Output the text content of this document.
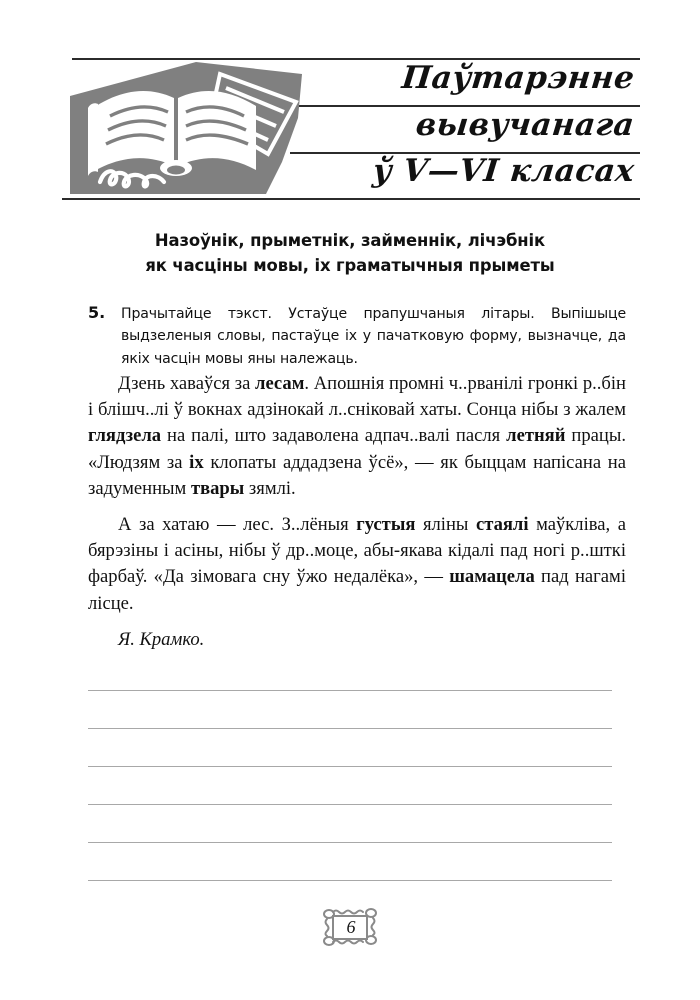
Паўтарэнне
вывучанага
ў V—VI класах
Назоўнік, прыметнік, займеннік, лічэбнік
як часціны мовы, іх граматычныя прыметы
5. Прачытайце тэкст. Устаўце прапушчаныя літары. Выпішыце выдзеленыя словы, пастаўце іх у пачатковую форму, вызначце, да якіх часцін мовы яны належаць.

Дзень хаваўся за лесам. Апошнія промні ч..рванілі гронкі р..бін і блішч..лі ў вокнах адзінокай л..сніковай хаты. Сонца нібы з жалем глядзела на палі, што задаволена адпач..валі пасля летняй працы. «Людзям за іх клопаты аддадзена ўсё», — як быццам напісана на задуменным твары зямлі.

А за хатаю — лес. З..лёныя густыя яліны стаялі маўкліва, а бярэзіны і асіны, нібы ў др..моце, абы-якава кідалі пад ногі р..шткі фарбаў. «Да зімовага сну ўжо недалёка», — шамацела пад нагамі лісце.

Я. Крамко.

6
